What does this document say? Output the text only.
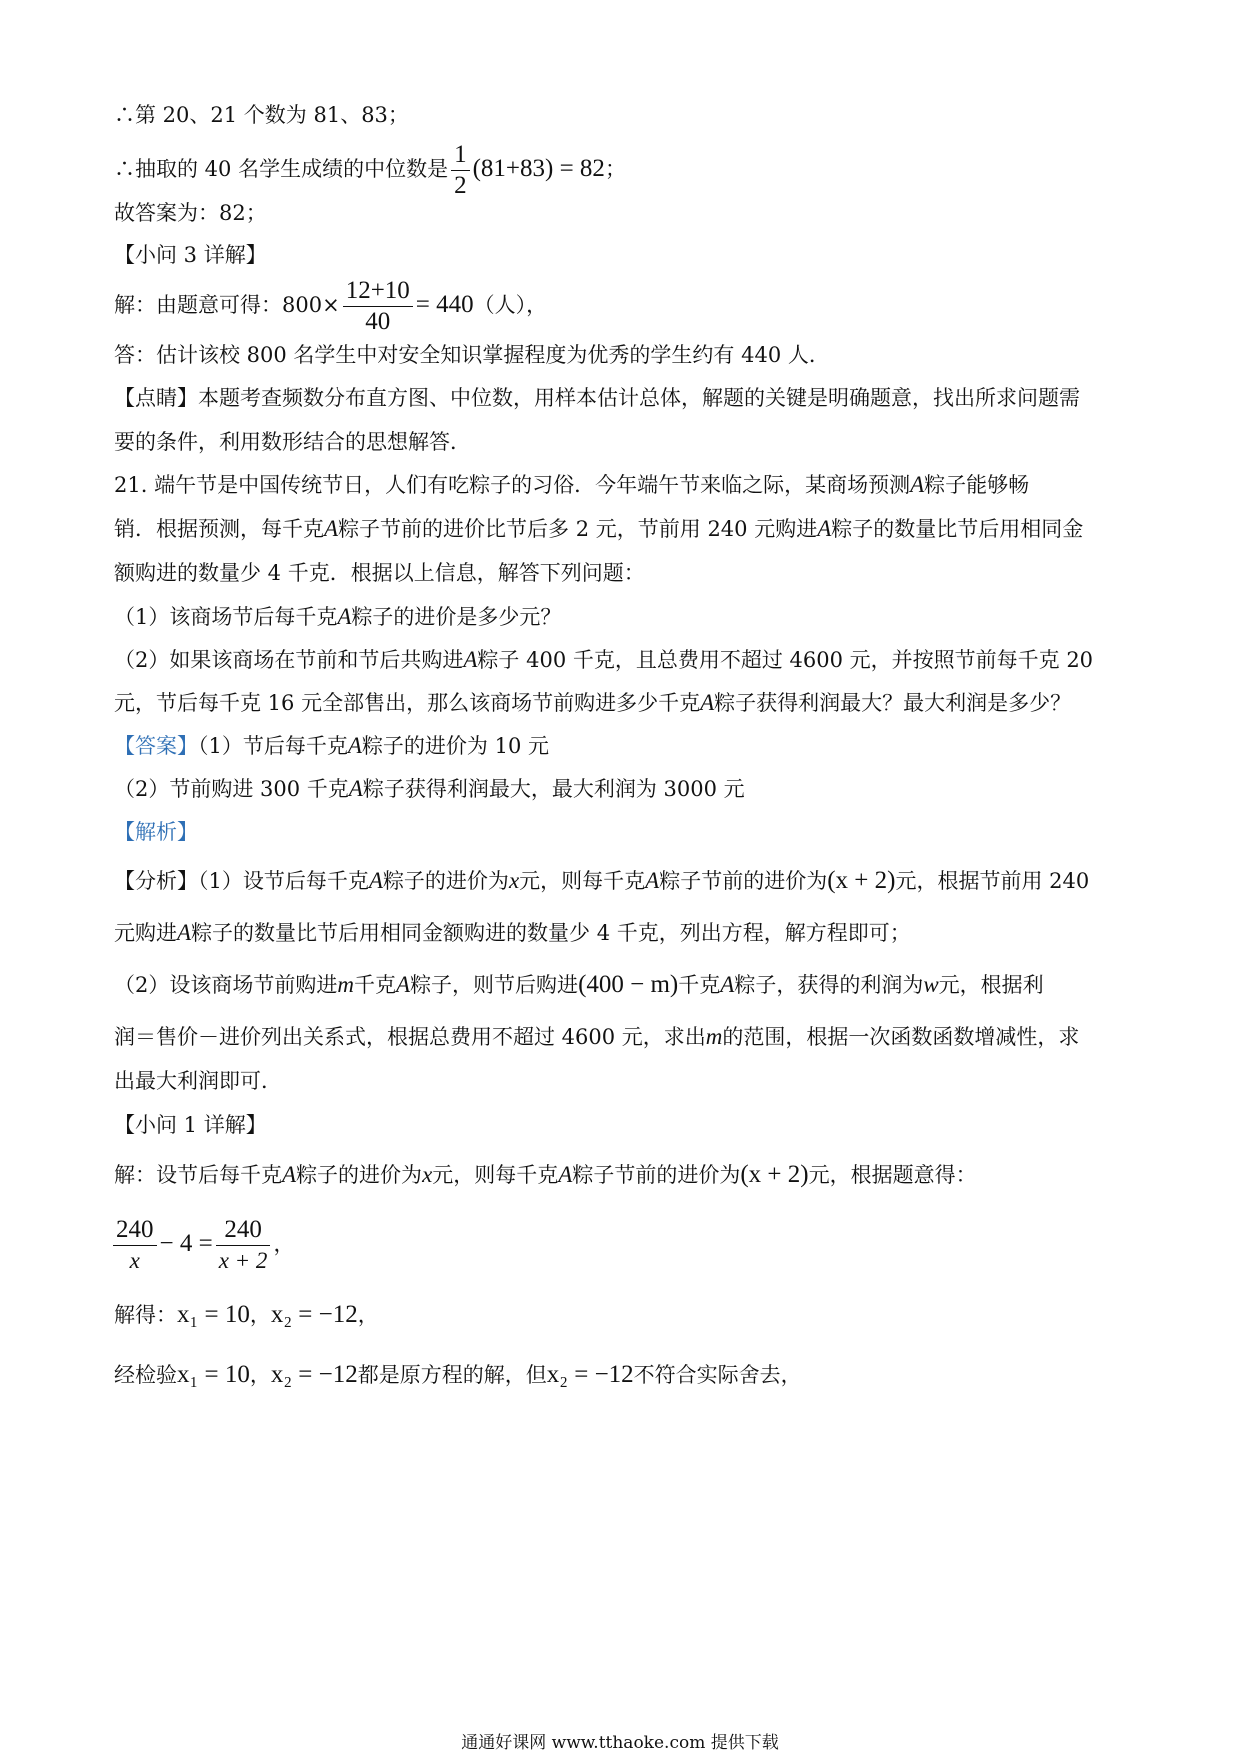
∴第 20、21 个数为 81、83；
∴抽取的 40 名学生成绩的中位数是 $\frac{1}{2} (81+83) = 82$；
故答案为：82；
【小问 3 详解】
解：由题意可得：$800\times \frac{12+10}{40} = 440$（人），
答：估计该校 800 名学生中对安全知识掌握程度为优秀的学生约有 440 人．
【点睛】本题考查频数分布直方图、中位数，用样本估计总体，解题的关键是明确题意，找出所求问题需
要的条件，利用数形结合的思想解答．
21. 端午节是中国传统节日，人们有吃粽子的习俗．今年端午节来临之际，某商场预测A粽子能够畅
销．根据预测，每千克A粽子节前的进价比节后多 2 元，节前用 240 元购进A粽子的数量比节后用相同金
额购进的数量少 4 千克．根据以上信息，解答下列问题：
（1）该商场节后每千克A粽子的进价是多少元？
（2）如果该商场在节前和节后共购进A粽子 400 千克，且总费用不超过 4600 元，并按照节前每千克 20
元，节后每千克 16 元全部售出，那么该商场节前购进多少千克A粽子获得利润最大？最大利润是多少？
【答案】（1）节后每千克A粽子的进价为 10 元
（2）节前购进 300 千克A粽子获得利润最大，最大利润为 3000 元
【解析】
【分析】（1）设节后每千克A粽子的进价为x元，则每千克A粽子节前的进价为(x + 2)元，根据节前用 240
元购进A粽子的数量比节后用相同金额购进的数量少 4 千克，列出方程，解方程即可；
（2）设该商场节前购进m千克A粽子，则节后购进(400 − m)千克A粽子，获得的利润为w元，根据利
润＝售价－进价列出关系式，根据总费用不超过 4600 元，求出m的范围，根据一次函数函数增减性，求
出最大利润即可．
【小问 1 详解】
解：设节后每千克A粽子的进价为x元，则每千克A粽子节前的进价为(x + 2)元，根据题意得：
$\frac{240}{x} - 4 = \frac{240}{x + 2}$ ，
解得：x₁ = 10，x₂ = −12，
经检验x₁ = 10，x₂ = −12都是原方程的解，但x₂ = −12不符合实际舍去，
通通好课网 www.tthaoke.com 提供下载
